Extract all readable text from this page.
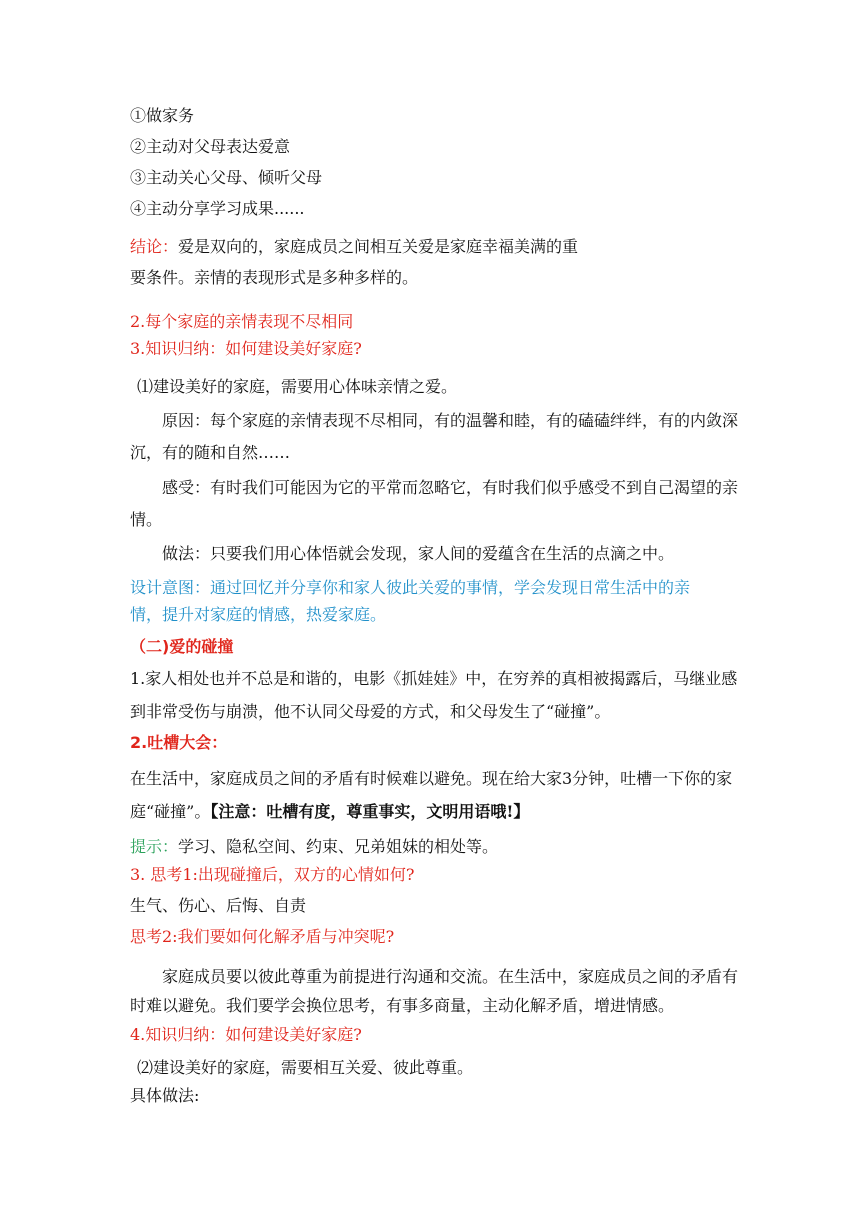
①做家务
②主动对父母表达爱意
③主动关心父母、倾听父母
④主动分享学习成果......
结论：爱是双向的，家庭成员之间相互关爱是家庭幸福美满的重
要条件。亲情的表现形式是多种多样的。
2.每个家庭的亲情表现不尽相同
3.知识归纳：如何建设美好家庭?
⑴建设美好的家庭，需要用心体味亲情之爱。
原因：每个家庭的亲情表现不尽相同，有的温馨和睦，有的磕磕绊绊，有的内敛深
沉，有的随和自然……
感受：有时我们可能因为它的平常而忽略它，有时我们似乎感受不到自己渴望的亲
情。
做法：只要我们用心体悟就会发现，家人间的爱蕴含在生活的点滴之中。
设计意图：通过回忆并分享你和家人彼此关爱的事情，学会发现日常生活中的亲
情，提升对家庭的情感，热爱家庭。
（二)爱的碰撞
1.家人相处也并不总是和谐的，电影《抓娃娃》中，在穷养的真相被揭露后，马继业感
到非常受伤与崩溃，他不认同父母爱的方式，和父母发生了“碰撞”。
2.吐槽大会：
在生活中，家庭成员之间的矛盾有时候难以避免。现在给大家3分钟，吐槽一下你的家
庭“碰撞”。【注意：吐槽有度，尊重事实，文明用语哦!】
提示：学习、隐私空间、约束、兄弟姐妹的相处等。
3. 思考1:出现碰撞后，双方的心情如何?
生气、伤心、后悔、自责
思考2:我们要如何化解矛盾与冲突呢?
家庭成员要以彼此尊重为前提进行沟通和交流。在生活中，家庭成员之间的矛盾有
时难以避免。我们要学会换位思考，有事多商量，主动化解矛盾，增进情感。
4.知识归纳：如何建设美好家庭?
⑵建设美好的家庭，需要相互关爱、彼此尊重。
具体做法:
